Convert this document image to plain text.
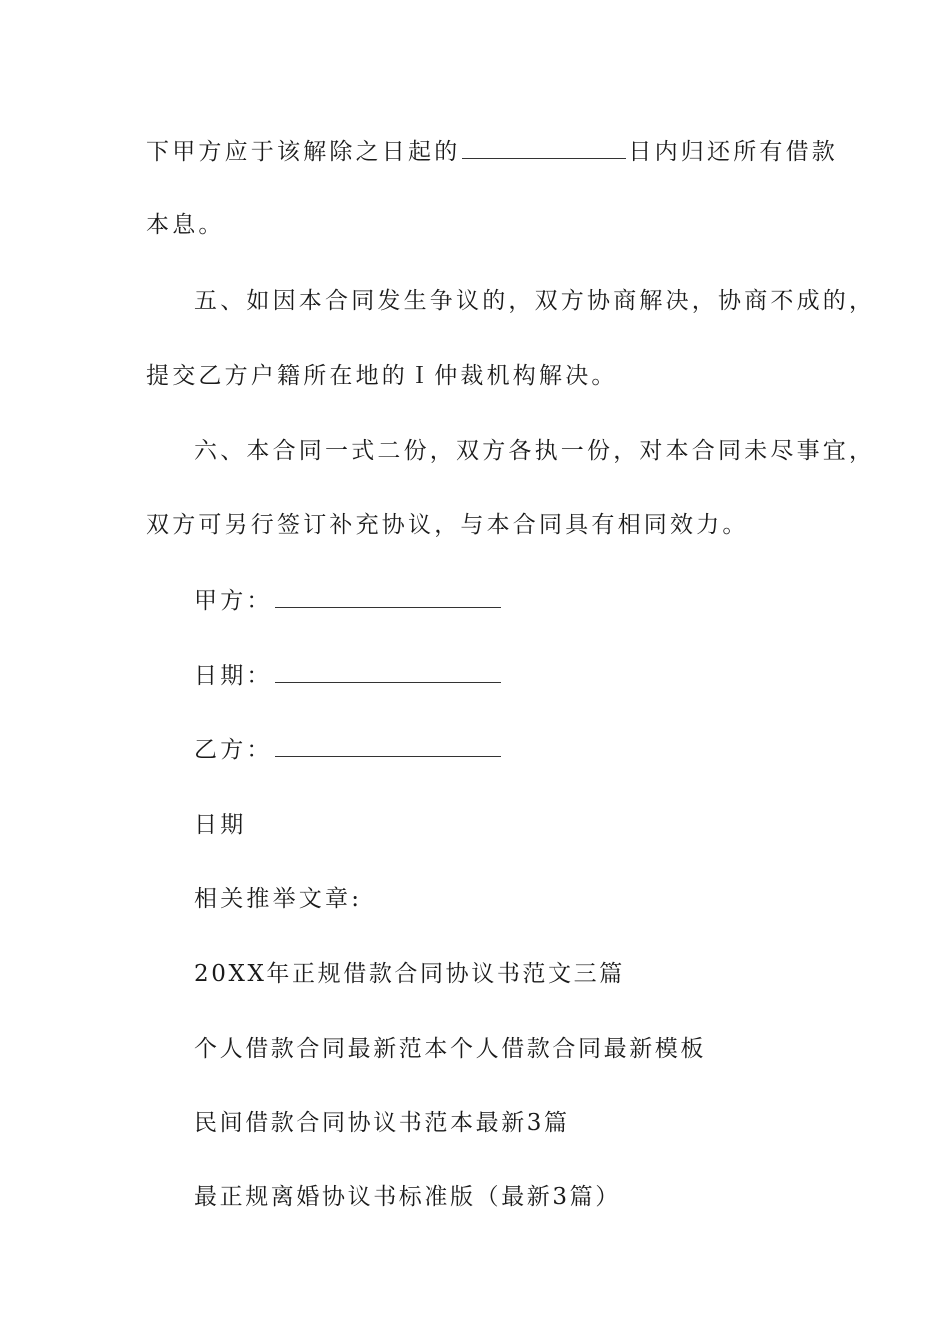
下甲方应于该解除之日起的	日内归还所有借款
本息。
五、如因本合同发生争议的，双方协商解决，协商不成的，
提交乙方户籍所在地的Ｉ仲裁机构解决。
六、本合同一式二份，双方各执一份，对本合同未尽事宜，
双方可另行签订补充协议，与本合同具有相同效力。
甲方：
日期：
乙方：
日期
相关推举文章:
20XX年正规借款合同协议书范文三篇
个人借款合同最新范本个人借款合同最新模板
民间借款合同协议书范本最新3篇
最正规离婚协议书标准版（最新3篇）
